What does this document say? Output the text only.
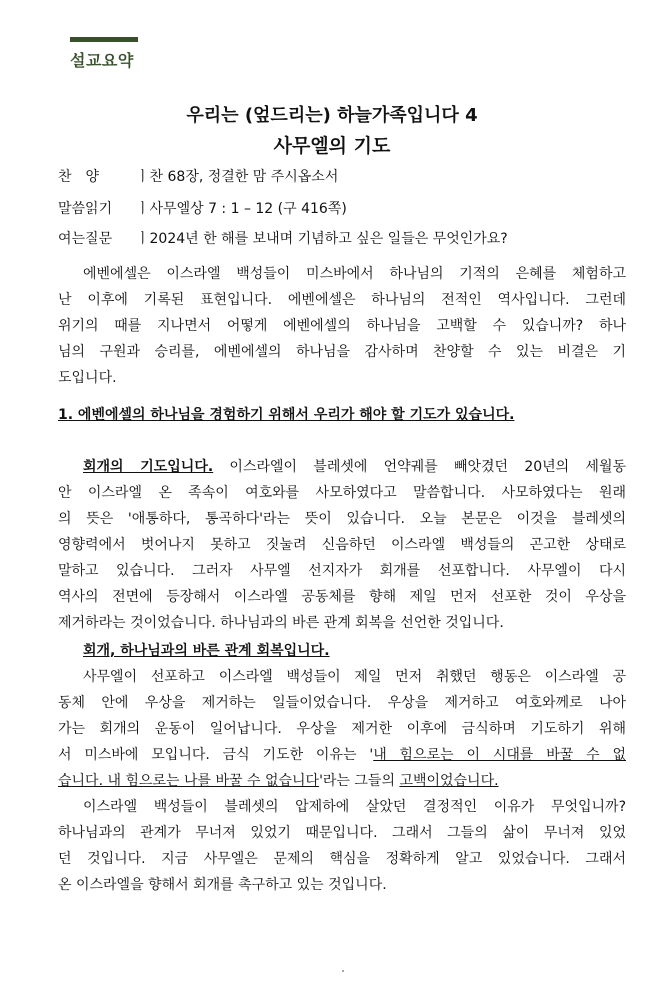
설교요약
우리는 (엎드리는) 하늘가족입니다 4
사무엘의 기도
찬　양	ㅣ찬 68장, 정결한 맘 주시옵소서
말씀읽기 ㅣ사무엘상 7 : 1 – 12 (구 416쪽)
여는질문 ㅣ2024년 한 해를 보내며 기념하고 싶은 일들은 무엇인가요?
에벤에셀은 이스라엘 백성들이 미스바에서 하나님의 기적의 은혜를 체험하고
난 이후에 기록된 표현입니다. 에벤에셀은 하나님의 전적인 역사입니다. 그런데
위기의 때를 지나면서 어떻게 에벤에셀의 하나님을 고백할 수 있습니까? 하나
님의 구원과 승리를, 에벤에셀의 하나님을 감사하며 찬양할 수 있는 비결은 기
도입니다.
1. 에벤에셀의 하나님을 경험하기 위해서 우리가 해야 할 기도가 있습니다.
회개의 기도입니다. 이스라엘이 블레셋에 언약궤를 빼앗겼던 20년의 세월동
안 이스라엘 온 족속이 여호와를 사모하였다고 말씀합니다. 사모하였다는 원래
의 뜻은 '애통하다, 통곡하다'라는 뜻이 있습니다. 오늘 본문은 이것을 블레셋의
영향력에서 벗어나지 못하고 짓눌려 신음하던 이스라엘 백성들의 곤고한 상태로
말하고 있습니다. 그러자 사무엘 선지자가 회개를 선포합니다. 사무엘이 다시
역사의 전면에 등장해서 이스라엘 공동체를 향해 제일 먼저 선포한 것이 우상을
제거하라는 것이었습니다. 하나님과의 바른 관계 회복을 선언한 것입니다.
회개, 하나님과의 바른 관계 회복입니다.
사무엘이 선포하고 이스라엘 백성들이 제일 먼저 취했던 행동은 이스라엘 공
동체 안에 우상을 제거하는 일들이었습니다. 우상을 제거하고 여호와께로 나아
가는 회개의 운동이 일어납니다. 우상을 제거한 이후에 금식하며 기도하기 위해
서 미스바에 모입니다. 금식 기도한 이유는 '내 힘으로는 이 시대를 바꿀 수 없
습니다. 내 힘으로는 나를 바꿀 수 없습니다'라는 그들의 고백이었습니다.
이스라엘 백성들이 블레셋의 압제하에 살았던 결정적인 이유가 무엇입니까?
하나님과의 관계가 무너져 있었기 때문입니다. 그래서 그들의 삶이 무너져 있었
던 것입니다. 지금 사무엘은 문제의 핵심을 정확하게 알고 있었습니다. 그래서
온 이스라엘을 향해서 회개를 촉구하고 있는 것입니다.
